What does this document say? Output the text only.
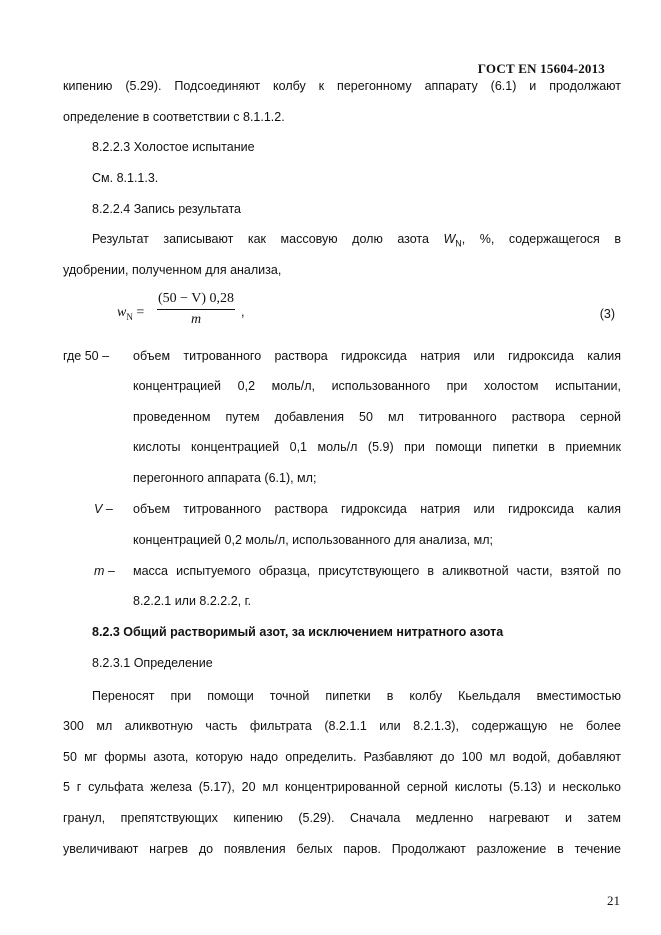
ГОСТ EN 15604-2013
кипению (5.29). Подсоединяют колбу к перегонному аппарату (6.1) и продолжают
определение в соответствии с 8.1.1.2.
8.2.2.3 Холостое испытание
См. 8.1.1.3.
8.2.2.4 Запись результата
Результат записывают как массовую долю азота $W_N$, %, содержащегося в
удобрении, полученном для анализа,
$w_N$ =
(50 − V) 0,28
m	,	(3)
где 50 – объем титрованного раствора гидроксида натрия или гидроксида калия
концентрацией 0,2 моль/л, использованного при холостом испытании,
проведенном путем добавления 50 мл титрованного раствора серной
кислоты концентрацией 0,1 моль/л (5.9) при помощи пипетки в приемник
перегонного аппарата (6.1), мл;
V – объем титрованного раствора гидроксида натрия или гидроксида калия
концентрацией 0,2 моль/л, использованного для анализа, мл;
m – масса испытуемого образца, присутствующего в аликвотной части, взятой по
8.2.2.1 или 8.2.2.2, г.
8.2.3 Общий растворимый азот, за исключением нитратного азота
8.2.3.1 Определение
Переносят при помощи точной пипетки в колбу Кьельдаля вместимостью
300 мл аликвотную часть фильтрата (8.2.1.1 или 8.2.1.3), содержащую не более
50 мг формы азота, которую надо определить. Разбавляют до 100 мл водой, добавляют
5 г сульфата железа (5.17), 20 мл концентрированной серной кислоты (5.13) и несколько
гранул, препятствующих кипению (5.29). Сначала медленно нагревают и затем
увеличивают нагрев до появления белых паров. Продолжают разложение в течение
21
